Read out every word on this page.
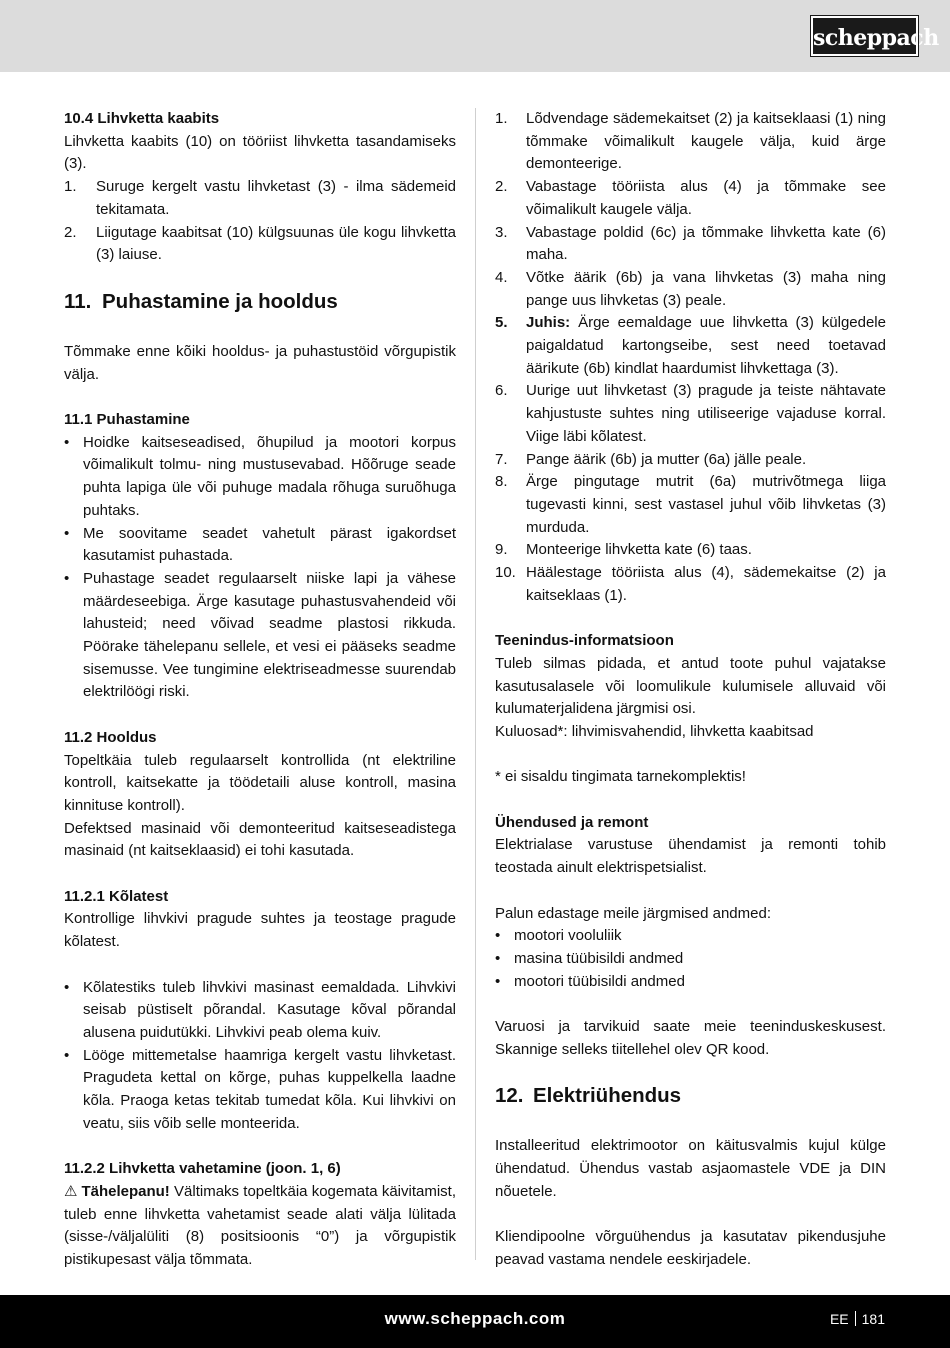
scheppach
10.4 Lihvketta kaabits

Lihvketta kaabits (10) on tööriist lihvketta tasandamiseks (3).

1. Suruge kergelt vastu lihvketast (3) - ilma sädemeid tekitamata.
2. Liigutage kaabitsat (10) külgsuunas üle kogu lihvketta (3) laiuse.
11. Puhastamine ja hooldus

Tõmmake enne kõiki hooldus- ja puhastustöid võrgupistik välja.

11.1 Puhastamine
• Hoidke kaitseseadised, õhupilud ja mootori korpus võimalikult tolmu- ning mustusevabad. Hõõruge seade puhta lapiga üle või puhuge madala rõhuga suruõhuga puhtaks.
• Me soovitame seadet vahetult pärast igakordset kasutamist puhastada.
• Puhastage seadet regulaarselt niiske lapi ja vähese määrdeseebiga. Ärge kasutage puhastusvahendeid või lahusteid; need võivad seadme plastosi rikkuda. Pöörake tähelepanu sellele, et vesi ei pääseks seadme sisemusse. Vee tungimine elektriseadmesse suurendab elektrilöögi riski.
11.2 Hooldus

Topeltkäia tuleb regulaarselt kontrollida (nt elektriline kontroll, kaitsekatte ja töödetaili aluse kontroll, masina kinnituse kontroll).

Defektsed masinaid või demonteeritud kaitseseadistega masinaid (nt kaitseklaasid) ei tohi kasutada.

11.2.1 Kõlatest

Kontrollige lihvkivi pragude suhtes ja teostage pragude kõlatest.

• Kõlatestiks tuleb lihvkivi masinast eemaldada. Lihvkivi seisab püstiselt põrandal. Kasutage kõval põrandal alusena puidutükki. Lihvkivi peab olema kuiv.
• Lööge mittemetalse haamriga kergelt vastu lihvketast. Pragudeta kettal on kõrge, puhas kuppelkella laadne kõla. Praoga ketas tekitab tumedat kõla. Kui lihvkivi on veatu, siis võib selle monteerida.
11.2.2 Lihvketta vahetamine (joon. 1, 6)

⚠ Tähelepanu! Vältimaks topeltkäia kogemata käivitamist, tuleb enne lihvketta vahetamist seade alati välja lülitada (sisse-/väljalüliti (8) positsioonis “0”) ja võrgupistik pistikupesast välja tõmmata.

1. Lõdvendage sädemekaitset (2) ja kaitseklaasi (1) ning tõmmake võimalikult kaugele välja, kuid ärge demonteerige.
2. Vabastage tööriista alus (4) ja tõmmake see võimalikult kaugele välja.
3. Vabastage poldid (6c) ja tõmmake lihvketta kate (6) maha.
4. Võtke äärik (6b) ja vana lihvketas (3) maha ning pange uus lihvketas (3) peale.
5. Juhis: Ärge eemaldage uue lihvketta (3) külgedele paigaldatud kartongseibe, sest need toetavad äärikute (6b) kindlat haardumist lihvkettaga (3).
6. Uurige uut lihvketast (3) pragude ja teiste nähtavate kahjustuste suhtes ning utiliseerige vajaduse korral. Viige läbi kõlatest.
7. Pange äärik (6b) ja mutter (6a) jälle peale.
8. Ärge pingutage mutrit (6a) mutrivõtmega liiga tugevasti kinni, sest vastasel juhul võib lihvketas (3) murduda.
9. Monteerige lihvketta kate (6) taas.
10. Häälestage tööriista alus (4), sädemekaitse (2) ja kaitseklaas (1).
Teenindus-informatsioon

Tuleb silmas pidada, et antud toote puhul vajatakse kasutusalasele või loomulikule kulumisele alluvaid või kulumaterjalidena järgmisi osi.

Kuluosad*: lihvimisvahendid, lihvketta kaabitsad

* ei sisaldu tingimata tarnekomplektis!

Ühendused ja remont

Elektrialase varustuse ühendamist ja remonti tohib teostada ainult elektrispetsialist.

Palun edastage meile järgmised andmed:

• mootori vooluliik
• masina tüübisildi andmed
• mootori tüübisildi andmed

Varuosi ja tarvikuid saate meie teeninduskeskusest. Skannige selleks tiitellehel olev QR kood.

12. Elektriühendus

Installeeritud elektrimootor on käitusvalmis kujul külge ühendatud. Ühendus vastab asjaomastele VDE ja DIN nõuetele.

Kliendipoolne võrguühendus ja kasutatav pikendusjuhe peavad vastama nendele eeskirjadele.

www.scheppach.com	EE 181
